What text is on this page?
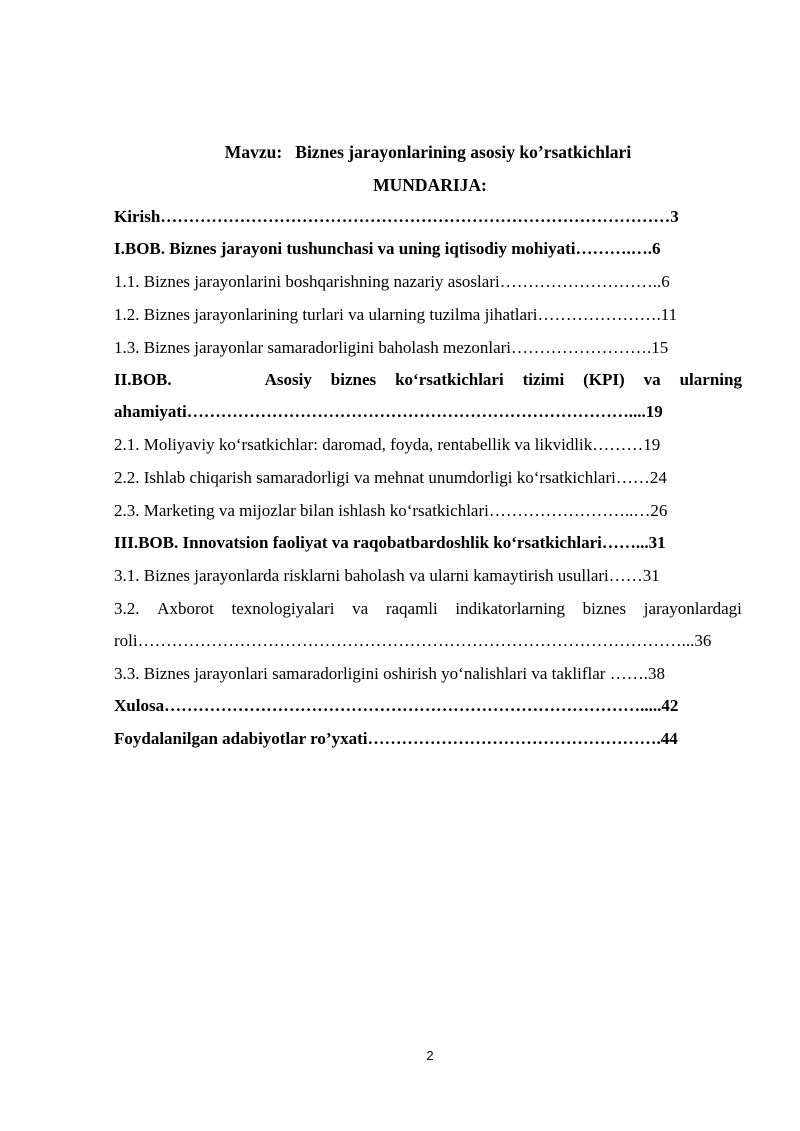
Mavzu:   Biznes jarayonlarining asosiy ko’rsatkichlari
MUNDARIJA:
Kirish………………………………………………………………………………3
I.BOB. Biznes jarayoni tushunchasi va uning iqtisodiy mohiyati……….….6
1.1. Biznes jarayonlarini boshqarishning nazariy asoslari………………………..6
1.2. Biznes jarayonlarining turlari va ularning tuzilma jihatlari………………….11
1.3. Biznes jarayonlar samaradorligini baholash mezonlari…………………….15
II.BOB.	Asosiy biznes ko‘rsatkichlari tizimi (KPI) va ularning
ahamiyati……………………………………………………………………....19
2.1. Moliyaviy ko‘rsatkichlar: daromad, foyda, rentabellik va likvidlik………19
2.2. Ishlab chiqarish samaradorligi va mehnat unumdorligi ko‘rsatkichlari……24
2.3. Marketing va mijozlar bilan ishlash ko‘rsatkichlari……………………..…26
III.BOB. Innovatsion faoliyat va raqobatbardoshlik ko‘rsatkichlari……...31
3.1. Biznes jarayonlarda risklarni baholash va ularni kamaytirish usullari……31
3.2. Axborot texnologiyalari va raqamli indikatorlarning biznes jarayonlardagi
roli……………………………………………………………………………………...36
3.3. Biznes jarayonlari samaradorligini oshirish yo‘nalishlari va takliflar …….38
Xulosa………………………………………………………………………….....42
Foydalanilgan adabiyotlar ro’yxati…………………………………………….44
2
